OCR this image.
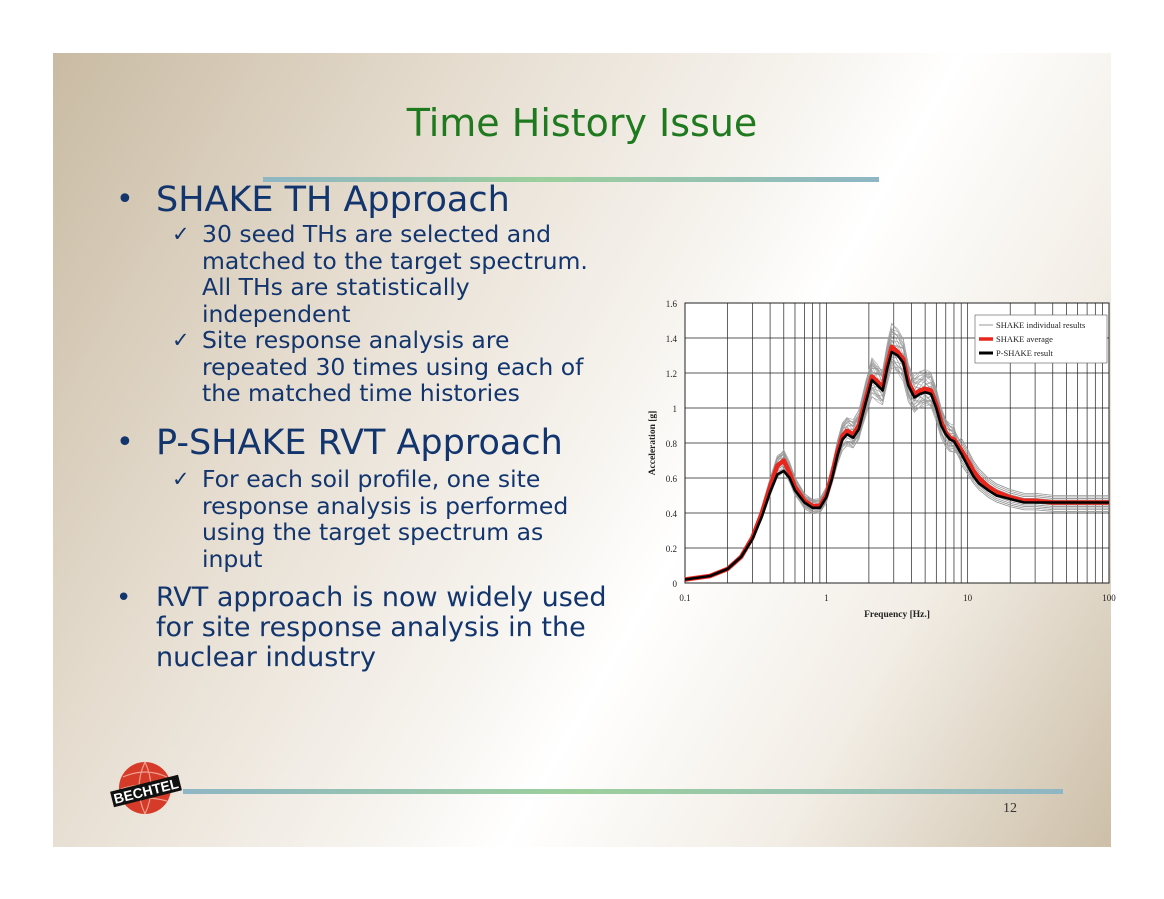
Time History Issue
• SHAKE TH Approach
✓ 30 seed THs are selected and
matched to the target spectrum.
All THs are statistically
independent
✓ Site response analysis are
repeated 30 times using each of
the matched time histories
• P-SHAKE RVT Approach
✓ For each soil profile, one site
response analysis is performed
using the target spectrum as
input
• RVT approach is now widely used
for site response analysis in the
nuclear industry
0
0.2
0.4
0.6
0.8
1
1.2
1.4
1.6
0.1	1	10	100
Frequency [Hz.]
Acceleration [g]
SHAKE individual results
SHAKE average
P-SHAKE result
12
BECHTEL
